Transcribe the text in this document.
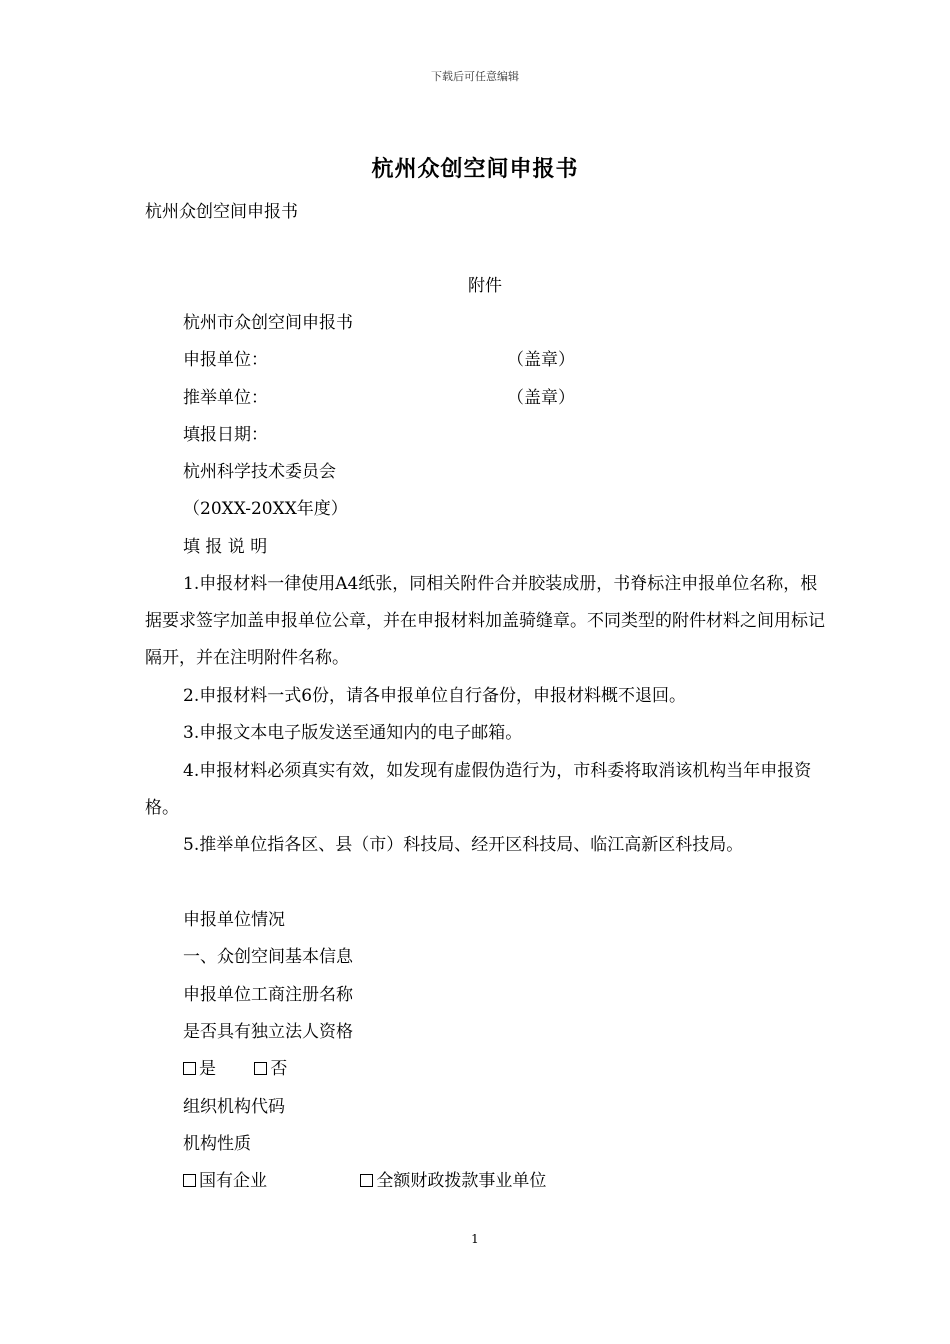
下载后可任意编辑
杭州众创空间申报书
杭州众创空间申报书
附件
杭州市众创空间申报书
申报单位：	（盖章）
推举单位：	（盖章）
填报日期：
杭州科学技术委员会
（20XX-20XX年度）
填 报 说 明
1.申报材料一律使用A4纸张，同相关附件合并胶装成册，书脊标注申报单位名称，根据要求签字加盖申报单位公章，并在申报材料加盖骑缝章。不同类型的附件材料之间用标记隔开，并在注明附件名称。
2.申报材料一式6份，请各申报单位自行备份，申报材料概不退回。
3.申报文本电子版发送至通知内的电子邮箱。
4.申报材料必须真实有效，如发现有虚假伪造行为，市科委将取消该机构当年申报资格。
5.推举单位指各区、县（市）科技局、经开区科技局、临江高新区科技局。
申报单位情况
一、众创空间基本信息
申报单位工商注册名称
是否具有独立法人资格
是	否
组织机构代码
机构性质
国有企业	全额财政拨款事业单位
1
